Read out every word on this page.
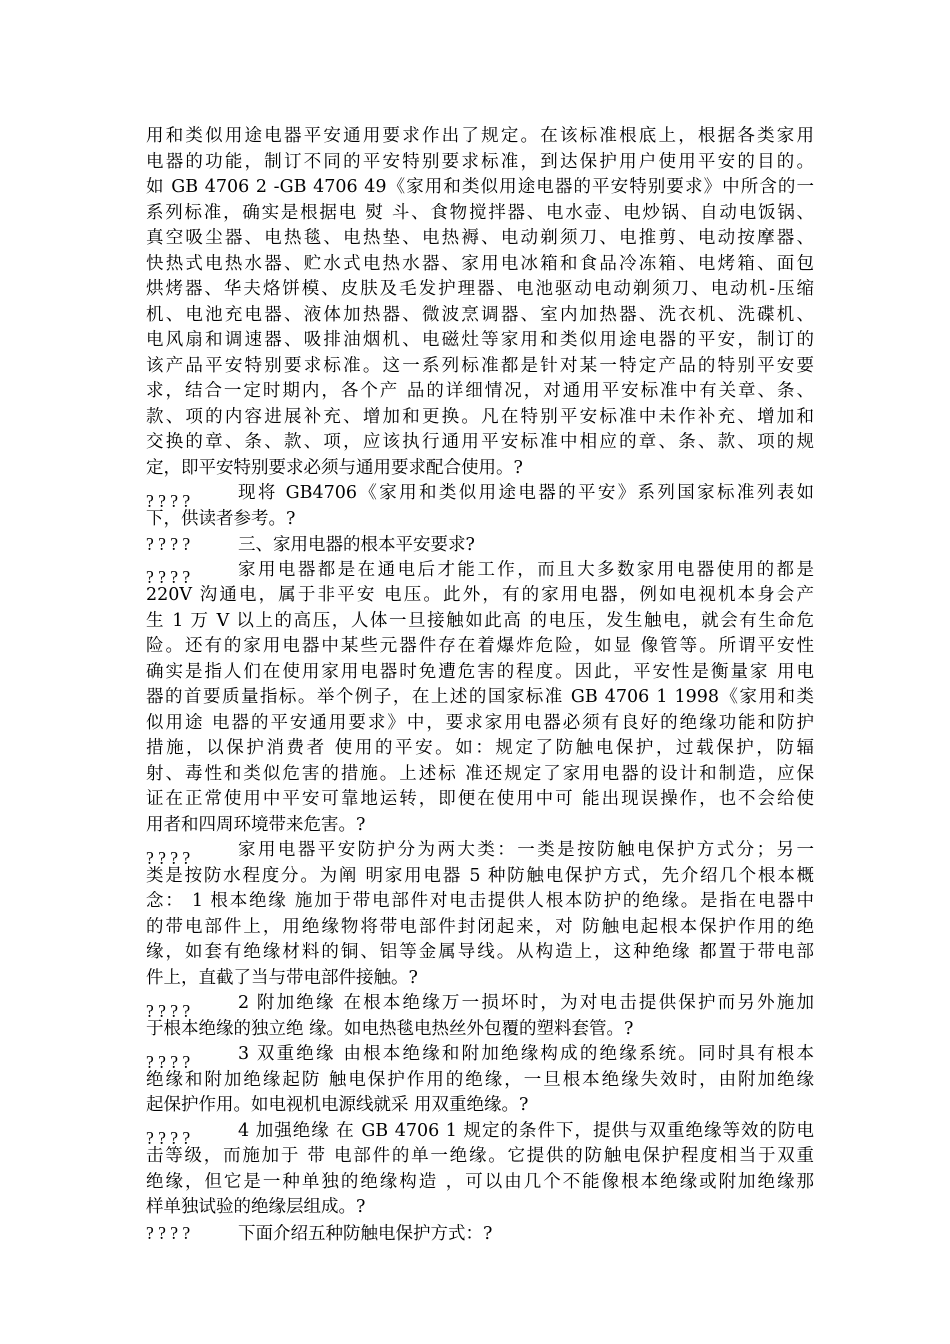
用和类似用途电器平安通用要求作出了规定。在该标准根底上，根据各类家用
电器的功能，制订不同的平安特别要求标准，到达保护用户使用平安的目的。
如 GB 4706 2 -GB 4706 49《家用和类似用途电器的平安特别要求》中所含的一
系列标准，确实是根据电 熨 斗、食物搅拌器、电水壶、电炒锅、自动电饭锅、
真空吸尘器、电热毯、电热垫、电热褥、电动剃须刀、电推剪、电动按摩器、
快热式电热水器、贮水式电热水器、家用电冰箱和食品冷冻箱、电烤箱、面包
烘烤器、华夫烙饼模、皮肤及毛发护理器、电池驱动电动剃须刀、电动机-压缩
机、电池充电器、液体加热器、微波烹调器、室内加热器、洗衣机、洗碟机、
电风扇和调速器、吸排油烟机、电磁灶等家用和类似用途电器的平安，制订的
该产品平安特别要求标准。这一系列标准都是针对某一特定产品的特别平安要
求，结合一定时期内，各个产 品的详细情况，对通用平安标准中有关章、条、
款、项的内容进展补充、增加和更换。凡在特别平安标准中未作补充、增加和
交换的章、条、款、项，应该执行通用平安标准中相应的章、条、款、项的规
定，即平安特别要求必须与通用要求配合使用。?
? ? ? ?	现将 GB4706《家用和类似用途电器的平安》系列国家标准列表如
下，供读者参考。?
? ? ? ?	三、家用电器的根本平安要求?
? ? ? ?	家用电器都是在通电后才能工作，而且大多数家用电器使用的都是
220V 沟通电，属于非平安 电压。此外，有的家用电器，例如电视机本身会产
生 1 万 V 以上的高压，人体一旦接触如此高 的电压，发生触电，就会有生命危
险。还有的家用电器中某些元器件存在着爆炸危险，如显 像管等。所谓平安性
确实是指人们在使用家用电器时免遭危害的程度。因此，平安性是衡量家 用电
器的首要质量指标。举个例子，在上述的国家标准 GB 4706 1 1998《家用和类
似用途 电器的平安通用要求》中，要求家用电器必须有良好的绝缘功能和防护
措施，以保护消费者 使用的平安。如：规定了防触电保护，过载保护，防辐
射、毒性和类似危害的措施。上述标 准还规定了家用电器的设计和制造，应保
证在正常使用中平安可靠地运转，即便在使用中可 能出现误操作，也不会给使
用者和四周环境带来危害。?
? ? ? ?	家用电器平安防护分为两大类：一类是按防触电保护方式分；另一
类是按防水程度分。为阐 明家用电器 5 种防触电保护方式，先介绍几个根本概
念： 1 根本绝缘 施加于带电部件对电击提供人根本防护的绝缘。是指在电器中
的带电部件上，用绝缘物将带电部件封闭起来，对 防触电起根本保护作用的绝
缘，如套有绝缘材料的铜、铝等金属导线。从构造上，这种绝缘 都置于带电部
件上，直截了当与带电部件接触。?
? ? ? ?	2 附加绝缘 在根本绝缘万一损坏时，为对电击提供保护而另外施加
于根本绝缘的独立绝 缘。如电热毯电热丝外包覆的塑料套管。?
? ? ? ?	3 双重绝缘 由根本绝缘和附加绝缘构成的绝缘系统。同时具有根本
绝缘和附加绝缘起防 触电保护作用的绝缘，一旦根本绝缘失效时，由附加绝缘
起保护作用。如电视机电源线就采 用双重绝缘。?
? ? ? ?	4 加强绝缘 在 GB 4706 1 规定的条件下，提供与双重绝缘等效的防电
击等级，而施加于 带 电部件的单一绝缘。它提供的防触电保护程度相当于双重
绝缘，但它是一种单独的绝缘构造 ，可以由几个不能像根本绝缘或附加绝缘那
样单独试验的绝缘层组成。?
? ? ? ?	下面介绍五种防触电保护方式：?
